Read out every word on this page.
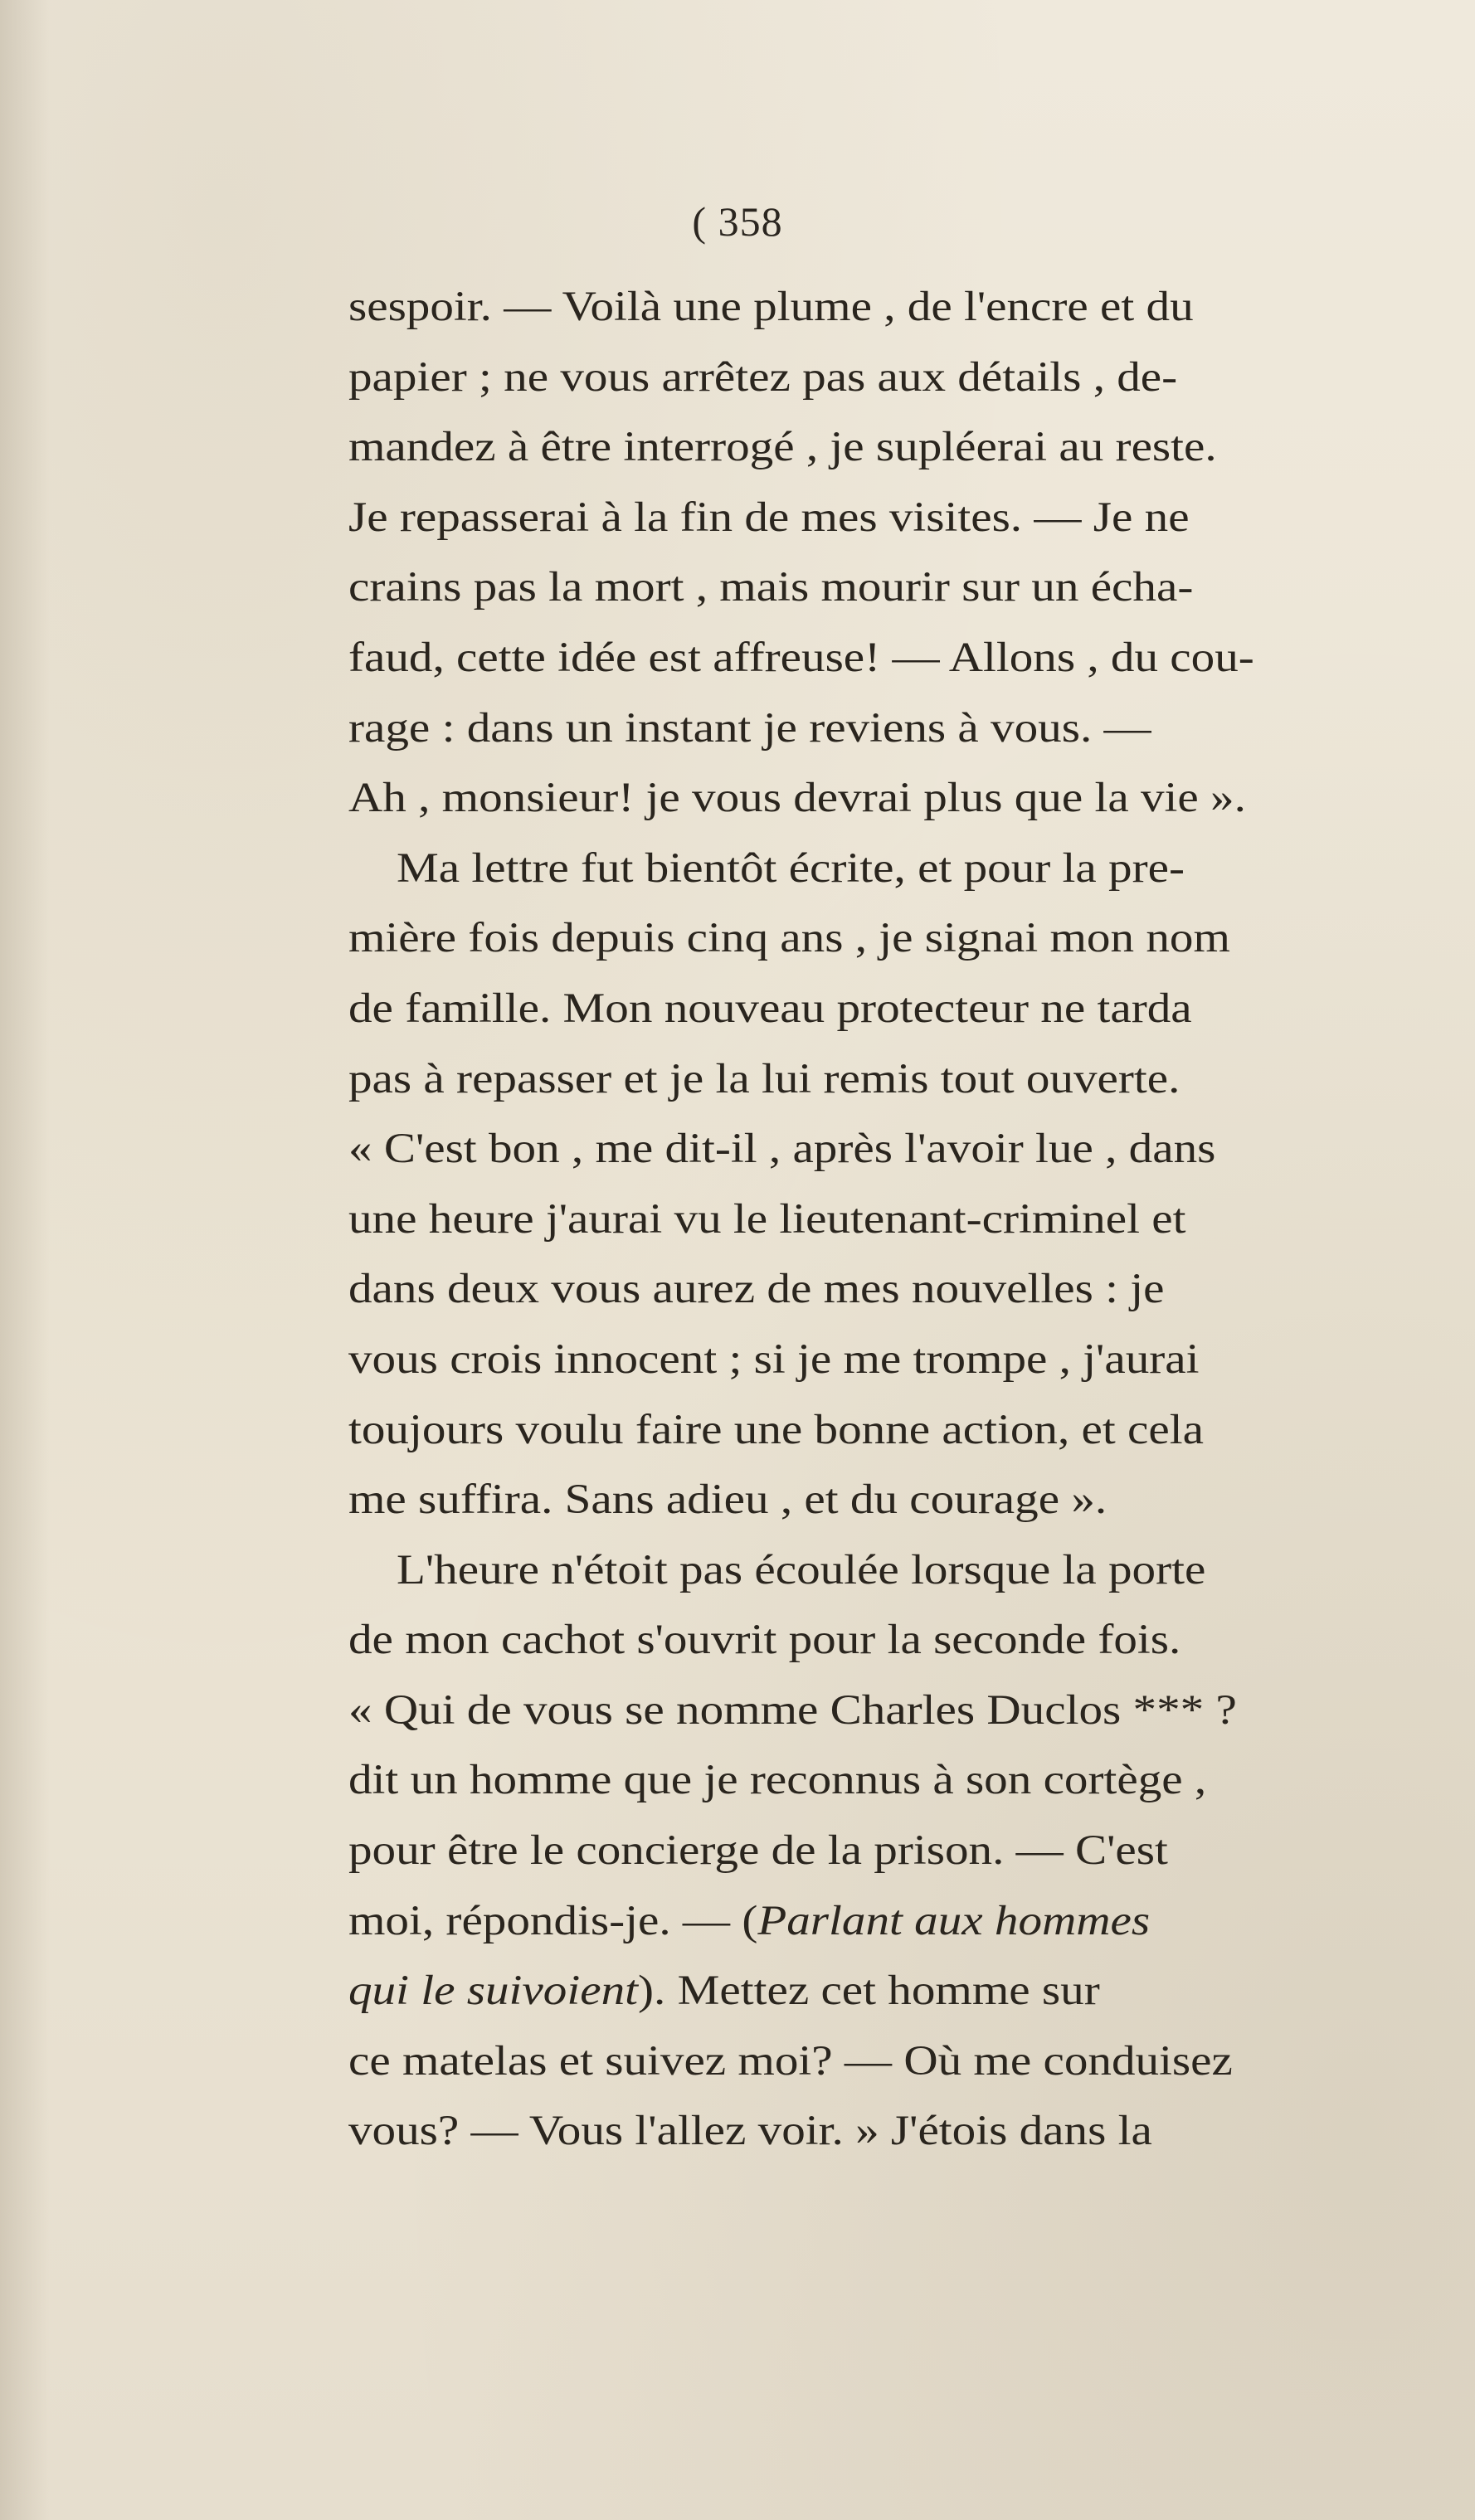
( 358
sespoir. — Voilà une plume , de l'encre et du
papier ; ne vous arrêtez pas aux détails , de-
mandez à être interrogé , je supléerai au reste.
Je repasserai à la fin de mes visites. — Je ne
crains pas la mort , mais mourir sur un écha-
faud, cette idée est affreuse! — Allons , du cou-
rage : dans un instant je reviens à vous. —
Ah , monsieur! je vous devrai plus que la vie ».
Ma lettre fut bientôt écrite, et pour la pre-
mière fois depuis cinq ans , je signai mon nom
de famille. Mon nouveau protecteur ne tarda
pas à repasser et je la lui remis tout ouverte.
« C'est bon , me dit-il , après l'avoir lue , dans
une heure j'aurai vu le lieutenant-criminel et
dans deux vous aurez de mes nouvelles : je
vous crois innocent ; si je me trompe , j'aurai
toujours voulu faire une bonne action, et cela
me suffira. Sans adieu , et du courage ».
L'heure n'étoit pas écoulée lorsque la porte
de mon cachot s'ouvrit pour la seconde fois.
« Qui de vous se nomme Charles Duclos *** ?
dit un homme que je reconnus à son cortège ,
pour être le concierge de la prison. — C'est
moi, répondis-je. — (Parlant aux hommes
qui le suivoient). Mettez cet homme sur
ce matelas et suivez moi? — Où me conduisez
vous? — Vous l'allez voir. » J'étois dans la
